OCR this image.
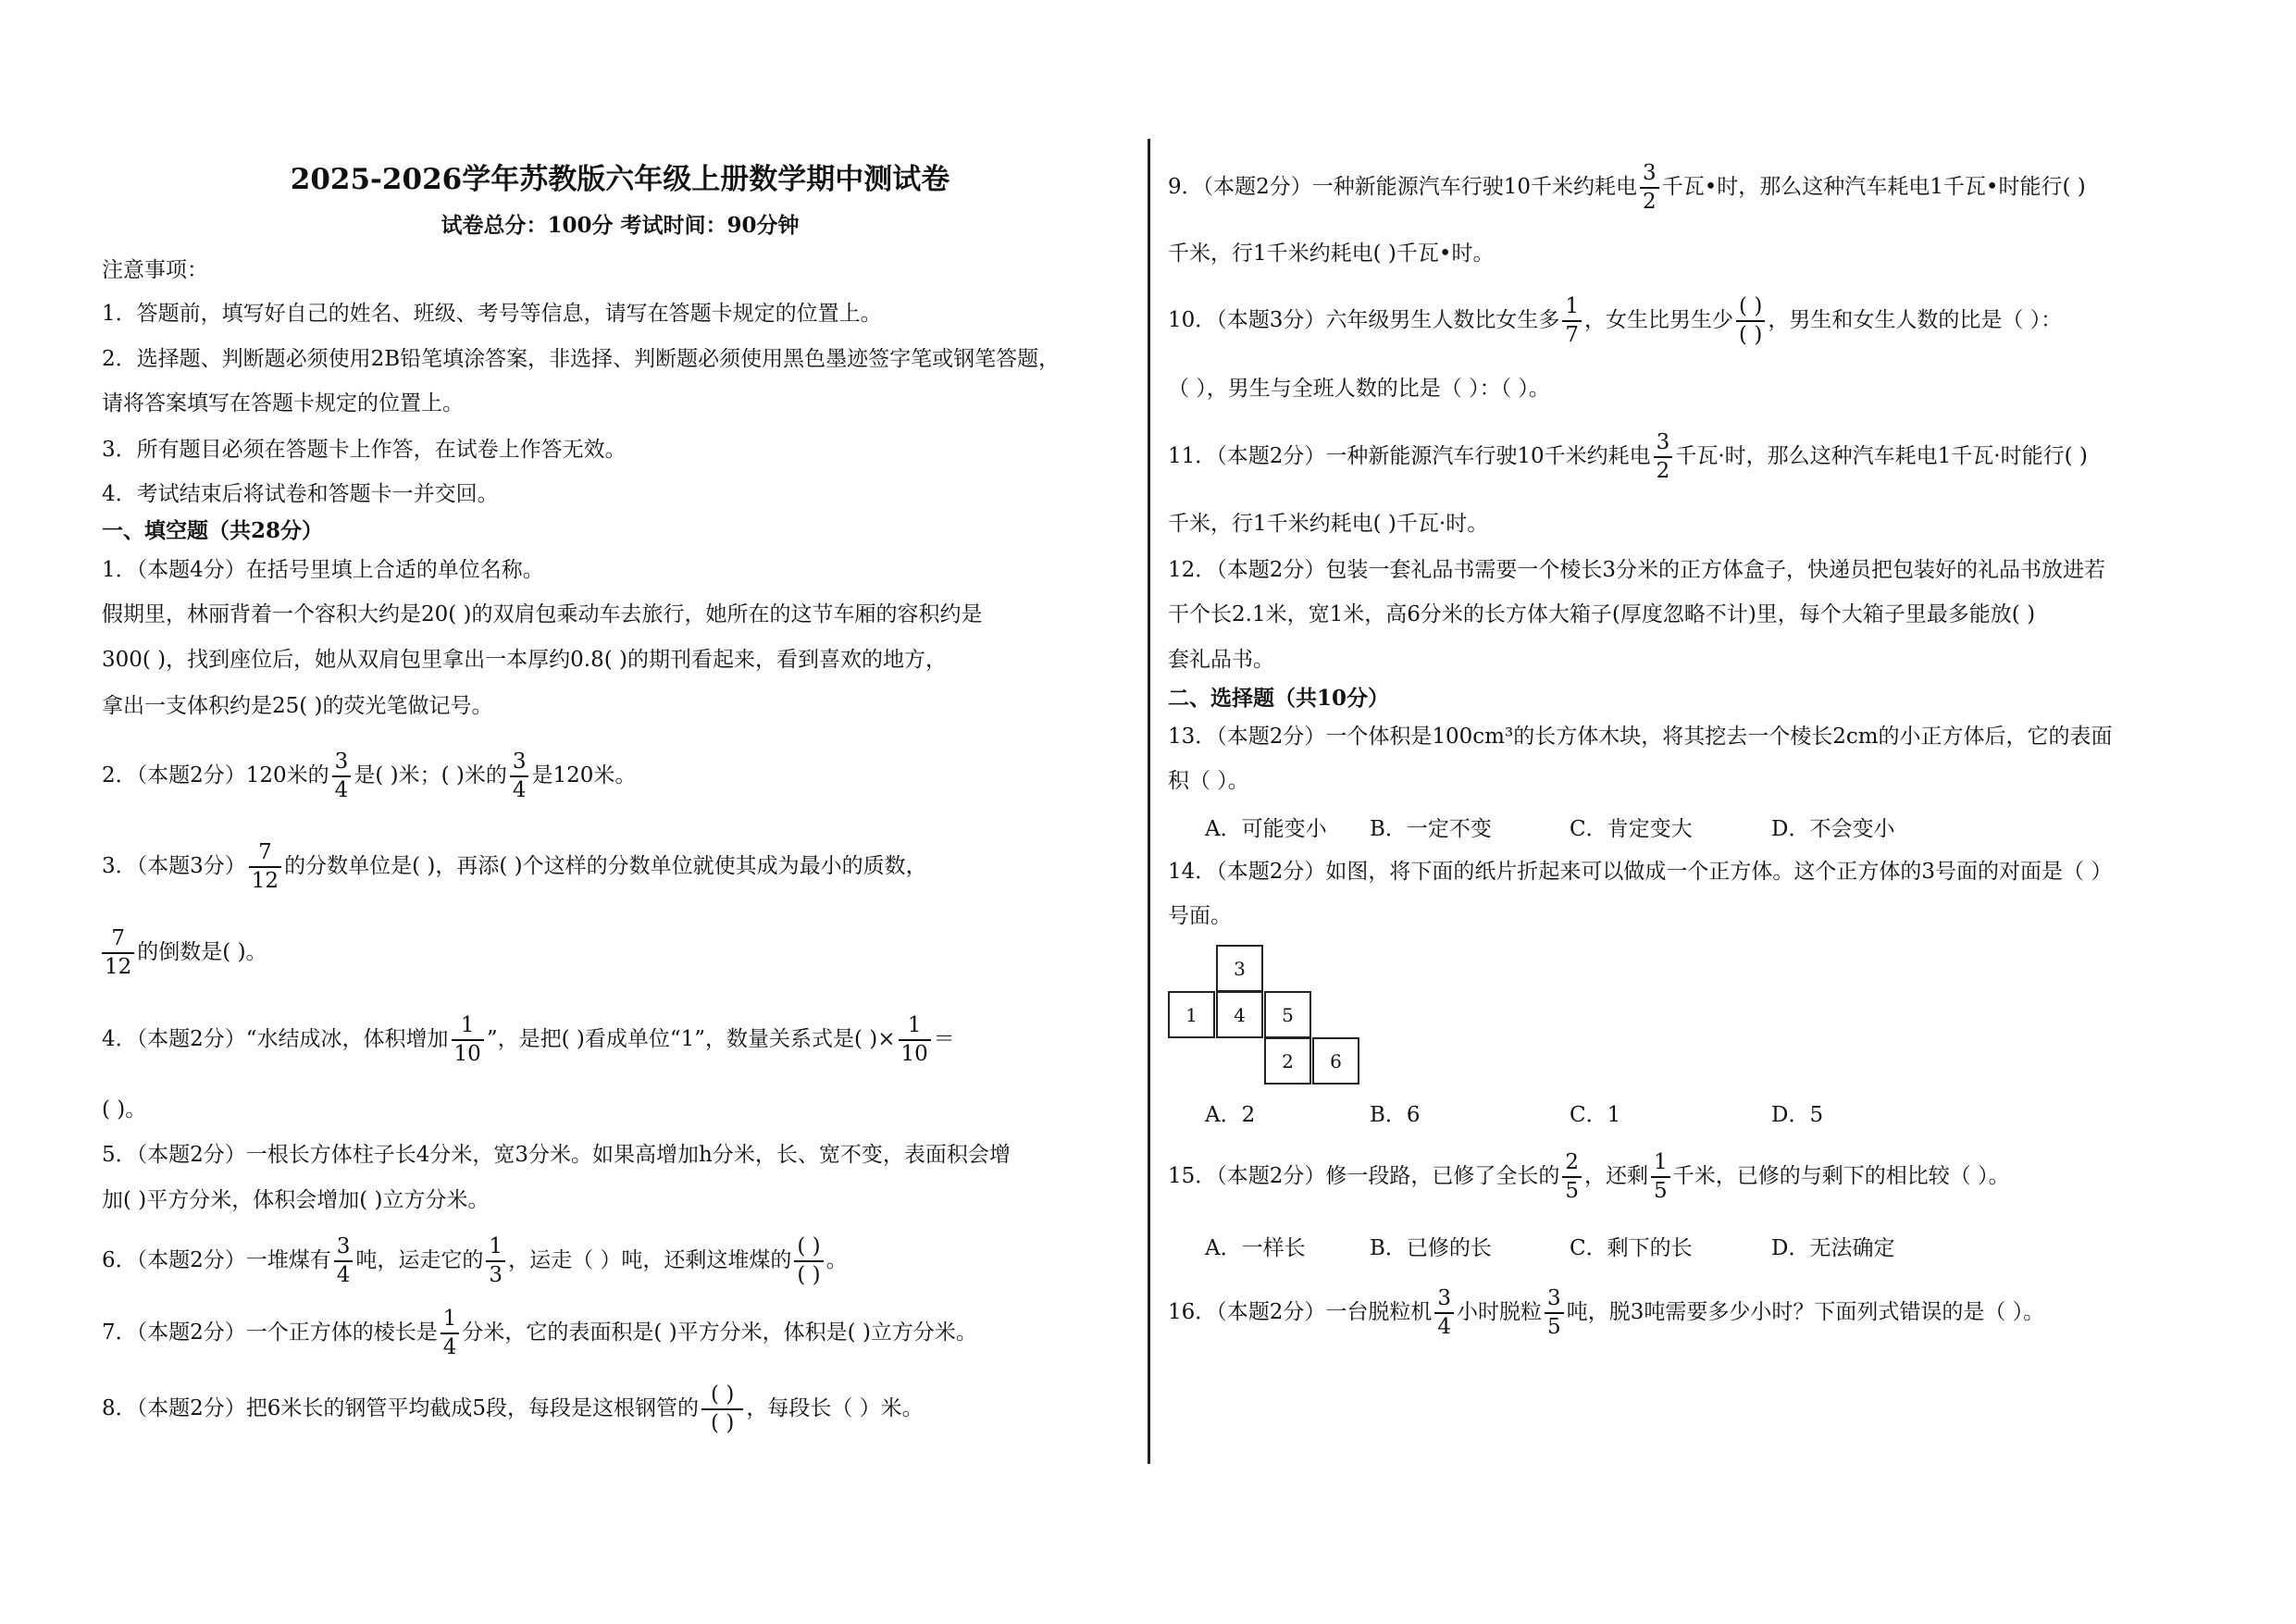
2025-2026学年苏教版六年级上册数学期中测试卷
试卷总分：100分 考试时间：90分钟
注意事项：
1．答题前，填写好自己的姓名、班级、考号等信息，请写在答题卡规定的位置上。
2．选择题、判断题必须使用2B铅笔填涂答案，非选择、判断题必须使用黑色墨迹签字笔或钢笔答题，
请将答案填写在答题卡规定的位置上。
3．所有题目必须在答题卡上作答，在试卷上作答无效。
4．考试结束后将试卷和答题卡一并交回。
一、填空题（共28分）
1．（本题4分）在括号里填上合适的单位名称。
假期里，林丽背着一个容积大约是20( )的双肩包乘动车去旅行，她所在的这节车厢的容积约是
300( )，找到座位后，她从双肩包里拿出一本厚约0.8( )的期刊看起来，看到喜欢的地方，
拿出一支体积约是25( )的荧光笔做记号。
2．（本题2分）120米的 $\frac{3}{4}$ 是( )米；( )米的 $\frac{3}{4}$ 是120米。
3．（本题3分） $\frac{7}{12}$ 的分数单位是( )，再添( )个这样的分数单位就使其成为最小的质数，
$\frac{7}{12}$ 的倒数是( )。
4．（本题2分）“水结成冰，体积增加 $\frac{1}{10}$ ”，是把( )看成单位“1”，数量关系式是( )× $\frac{1}{10}$ ＝
( )。
5．（本题2分）一根长方体柱子长4分米，宽3分米。如果高增加h分米，长、宽不变，表面积会增
加( )平方分米，体积会增加( )立方分米。
6．（本题2分）一堆煤有 $\frac{3}{4}$ 吨，运走它的 $\frac{1}{3}$ ，运走（ ）吨，还剩这堆煤的 $\frac{( )}{( )}$ 。
7．（本题2分）一个正方体的棱长是 $\frac{1}{4}$ 分米，它的表面积是( )平方分米，体积是( )立方分米。
8．（本题2分）把6米长的钢管平均截成5段，每段是这根钢管的 $\frac{( )}{( )}$ ，每段长（ ）米。
9．（本题2分）一种新能源汽车行驶10千米约耗电 $\frac{3}{2}$ 千瓦•时，那么这种汽车耗电1千瓦•时能行( )
千米，行1千米约耗电( )千瓦•时。
10．（本题3分）六年级男生人数比女生多 $\frac{1}{7}$ ，女生比男生少 $\frac{( )}{( )}$ ，男生和女生人数的比是（ ）：
（ ），男生与全班人数的比是（ ）：（ ）。
11．（本题2分）一种新能源汽车行驶10千米约耗电 $\frac{3}{2}$ 千瓦·时，那么这种汽车耗电1千瓦·时能行( )
千米，行1千米约耗电( )千瓦·时。
12．（本题2分）包装一套礼品书需要一个棱长3分米的正方体盒子，快递员把包装好的礼品书放进若
干个长2.1米，宽1米，高6分米的长方体大箱子(厚度忽略不计)里，每个大箱子里最多能放( )
套礼品书。
二、选择题（共10分）
13．（本题2分）一个体积是100cm³的长方体木块，将其挖去一个棱长2cm的小正方体后，它的表面
积（ ）。
A．可能变小 B．一定不变	C．肯定变大	D．不会变小
14．（本题2分）如图，将下面的纸片折起来可以做成一个正方体。这个正方体的3号面的对面是（ ）
号面。
3
1	4	5
2	6
A．2	B．6	C．1	D．5
15．（本题2分）修一段路，已修了全长的 $\frac{2}{5}$ ，还剩 $\frac{1}{5}$ 千米，已修的与剩下的相比较（ ）。
A．一样长	B．已修的长	C．剩下的长	D．无法确定
16．（本题2分）一台脱粒机 $\frac{3}{4}$ 小时脱粒 $\frac{3}{5}$ 吨，脱3吨需要多少小时？下面列式错误的是（ ）。
